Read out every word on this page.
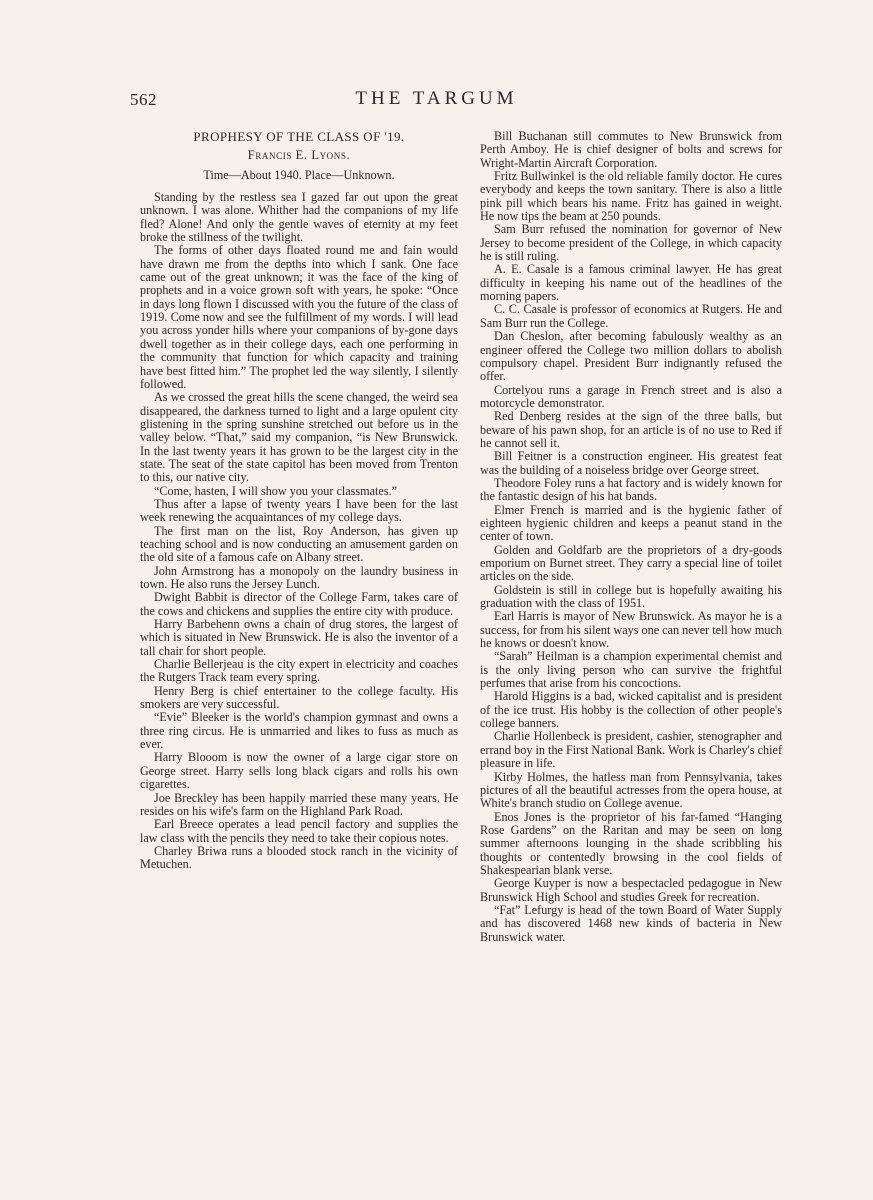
562	THE TARGUM
PROPHESY OF THE CLASS OF '19.
Francis E. Lyons.
Time—About 1940. Place—Unknown.

Standing by the restless sea I gazed far out upon the great unknown. I was alone. Whither had the companions of my life fled? Alone! And only the gentle waves of eternity at my feet broke the stillness of the twilight.

The forms of other days floated round me and fain would have drawn me from the depths into which I sank. One face came out of the great unknown; it was the face of the king of prophets and in a voice grown soft with years, he spoke: “Once in days long flown I discussed with you the future of the class of 1919. Come now and see the fulfillment of my words. I will lead you across yonder hills where your companions of by-gone days dwell together as in their college days, each one performing in the community that function for which capacity and training have best fitted him.” The prophet led the way silently, I silently followed.

As we crossed the great hills the scene changed, the weird sea disappeared, the darkness turned to light and a large opulent city glistening in the spring sunshine stretched out before us in the valley below. “That,” said my companion, “is New Brunswick. In the last twenty years it has grown to be the largest city in the state. The seat of the state capitol has been moved from Trenton to this, our native city.

“Come, hasten, I will show you your classmates.”

Thus after a lapse of twenty years I have been for the last week renewing the acquaintances of my college days.

The first man on the list, Roy Anderson, has given up teaching school and is now conducting an amusement garden on the old site of a famous cafe on Albany street.

John Armstrong has a monopoly on the laundry business in town. He also runs the Jersey Lunch.

Dwight Babbit is director of the College Farm, takes care of the cows and chickens and supplies the entire city with produce.

Harry Barbehenn owns a chain of drug stores, the largest of which is situated in New Brunswick. He is also the inventor of a tall chair for short people.

Charlie Bellerjeau is the city expert in electricity and coaches the Rutgers Track team every spring.

Henry Berg is chief entertainer to the college faculty. His smokers are very successful.

“Evie” Bleeker is the world's champion gymnast and owns a three ring circus. He is unmarried and likes to fuss as much as ever.

Harry Blooom is now the owner of a large cigar store on George street. Harry sells long black cigars and rolls his own cigarettes.

Joe Breckley has been happily married these many years. He resides on his wife's farm on the Highland Park Road.

Earl Breece operates a lead pencil factory and supplies the law class with the pencils they need to take their copious notes.

Charley Briwa runs a blooded stock ranch in the vicinity of Metuchen.

Bill Buchanan still commutes to New Brunswick from Perth Amboy. He is chief designer of bolts and screws for Wright-Martin Aircraft Corporation.

Fritz Bullwinkel is the old reliable family doctor. He cures everybody and keeps the town sanitary. There is also a little pink pill which bears his name. Fritz has gained in weight. He now tips the beam at 250 pounds.

Sam Burr refused the nomination for governor of New Jersey to become president of the College, in which capacity he is still ruling.

A. E. Casale is a famous criminal lawyer. He has great difficulty in keeping his name out of the headlines of the morning papers.

C. C. Casale is professor of economics at Rutgers. He and Sam Burr run the College.

Dan Cheslon, after becoming fabulously wealthy as an engineer offered the College two million dollars to abolish compulsory chapel. President Burr indignantly refused the offer.

Cortelyou runs a garage in French street and is also a motorcycle demonstrator.

Red Denberg resides at the sign of the three balls, but beware of his pawn shop, for an article is of no use to Red if he cannot sell it.

Bill Feitner is a construction engineer. His greatest feat was the building of a noiseless bridge over George street.

Theodore Foley runs a hat factory and is widely known for the fantastic design of his hat bands.

Elmer French is married and is the hygienic father of eighteen hygienic children and keeps a peanut stand in the center of town.

Golden and Goldfarb are the proprietors of a dry-goods emporium on Burnet street. They carry a special line of toilet articles on the side.

Goldstein is still in college but is hopefully awaiting his graduation with the class of 1951.

Earl Harris is mayor of New Brunswick. As mayor he is a success, for from his silent ways one can never tell how much he knows or doesn't know.

“Sarah” Heilman is a champion experimental chemist and is the only living person who can survive the frightful perfumes that arise from his concoctions.

Harold Higgins is a bad, wicked capitalist and is president of the ice trust. His hobby is the collection of other people's college banners.

Charlie Hollenbeck is president, cashier, stenographer and errand boy in the First National Bank. Work is Charley's chief pleasure in life.

Kirby Holmes, the hatless man from Pennsylvania, takes pictures of all the beautiful actresses from the opera house, at White's branch studio on College avenue.

Enos Jones is the proprietor of his far-famed “Hanging Rose Gardens” on the Raritan and may be seen on long summer afternoons lounging in the shade scribbling his thoughts or contentedly browsing in the cool fields of Shakespearian blank verse.

George Kuyper is now a bespectacled pedagogue in New Brunswick High School and studies Greek for recreation.

“Fat” Lefurgy is head of the town Board of Water Supply and has discovered 1468 new kinds of bacteria in New Brunswick water.
